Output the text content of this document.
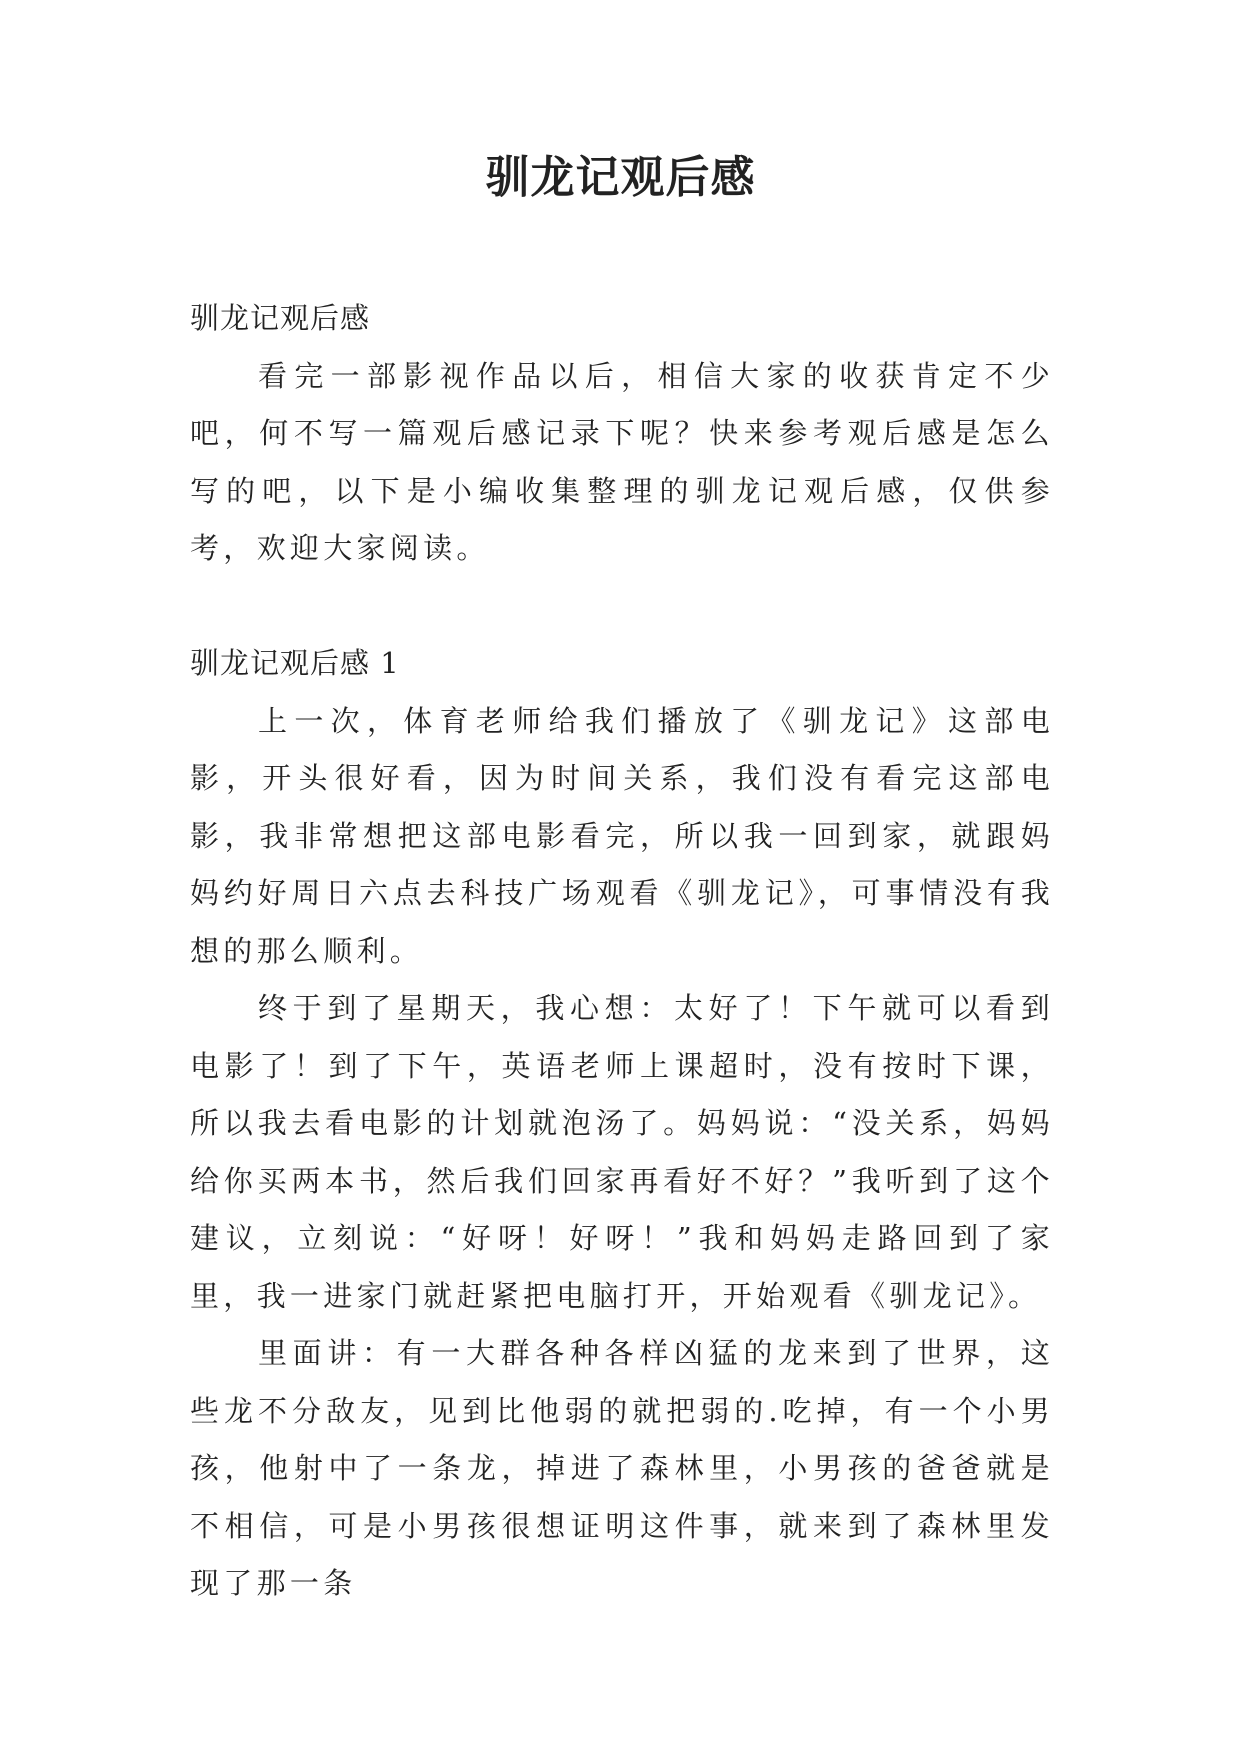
驯龙记观后感

驯龙记观后感

看完一部影视作品以后，相信大家的收获肯定不少吧，何不写一篇观后感记录下呢？快来参考观后感是怎么写的吧，以下是小编收集整理的驯龙记观后感，仅供参考，欢迎大家阅读。

驯龙记观后感 1

上一次，体育老师给我们播放了《驯龙记》这部电影，开头很好看，因为时间关系，我们没有看完这部电影，我非常想把这部电影看完，所以我一回到家，就跟妈妈约好周日六点去科技广场观看《驯龙记》，可事情没有我想的那么顺利。

终于到了星期天，我心想：太好了！下午就可以看到电影了！到了下午，英语老师上课超时，没有按时下课，所以我去看电影的计划就泡汤了。妈妈说：“没关系，妈妈给你买两本书，然后我们回家再看好不好？”我听到了这个建议，立刻说：“好呀！好呀！”我和妈妈走路回到了家里，我一进家门就赶紧把电脑打开，开始观看《驯龙记》。

里面讲：有一大群各种各样凶猛的龙来到了世界，这些龙不分敌友，见到比他弱的就把弱的.吃掉，有一个小男孩，他射中了一条龙，掉进了森林里，小男孩的爸爸就是不相信，可是小男孩很想证明这件事，就来到了森林里发现了那一条
